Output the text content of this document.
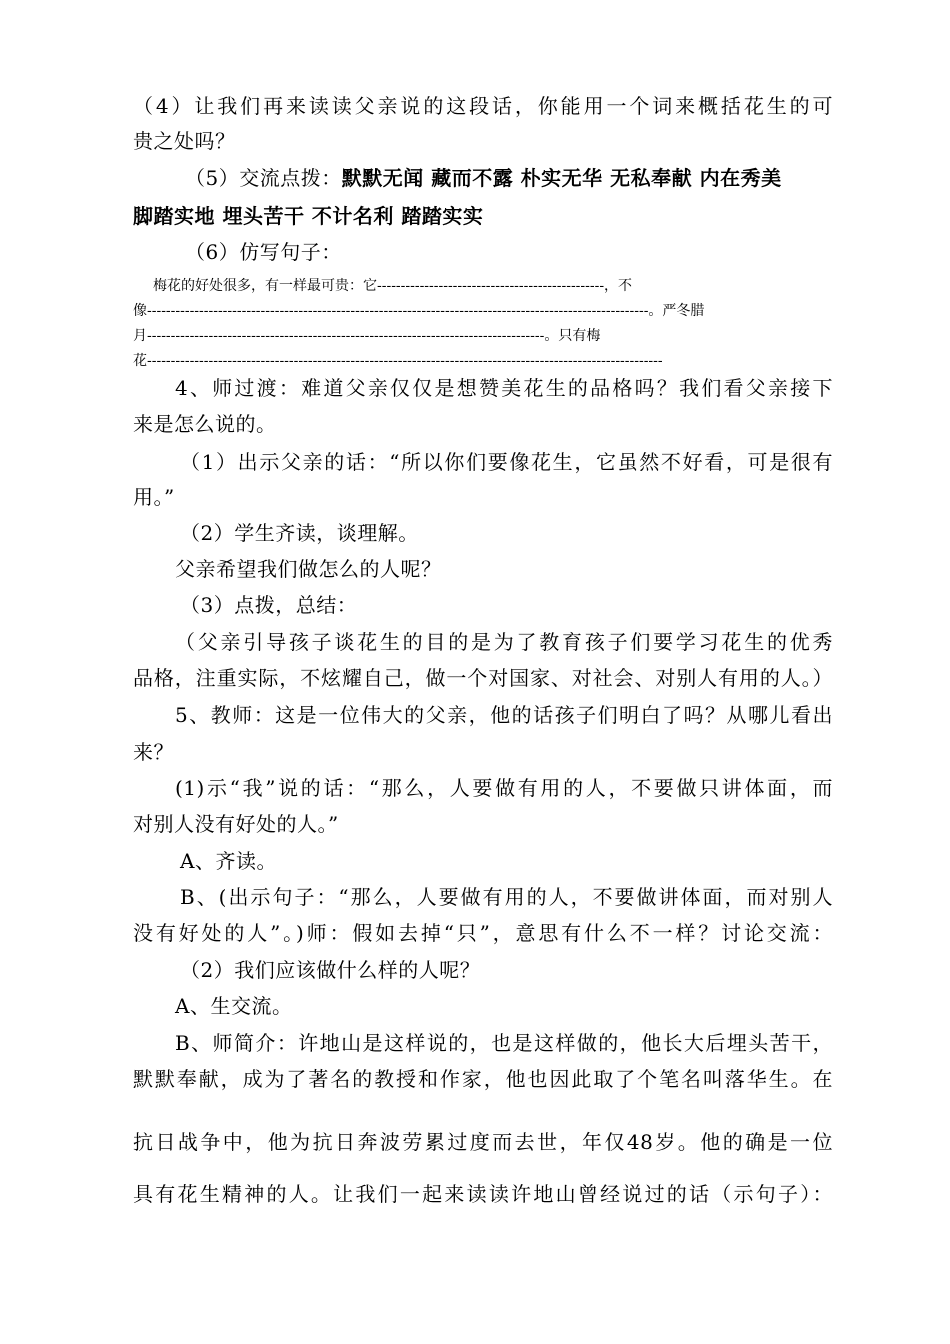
（4）让我们再来读读父亲说的这段话，你能用一个词来概括花生的可
贵之处吗？
（5）交流点拨：默默无闻 藏而不露 朴实无华 无私奉献 内在秀美
脚踏实地 埋头苦干 不计名利 踏踏实实
（6）仿写句子：
梅花的好处很多，有一样最可贵：它------------------------------------------------，不
像----------------------------------------------------------------------------------------------------------。严冬腊
月------------------------------------------------------------------------------------。只有梅
花-------------------------------------------------------------------------------------------------------------
4、师过渡：难道父亲仅仅是想赞美花生的品格吗？我们看父亲接下
来是怎么说的。
（1）出示父亲的话：“所以你们要像花生，它虽然不好看，可是很有
用。”
（2）学生齐读，谈理解。
父亲希望我们做怎么的人呢？
（3）点拨，总结：
（父亲引导孩子谈花生的目的是为了教育孩子们要学习花生的优秀
品格，注重实际，不炫耀自己，做一个对国家、对社会、对别人有用的人。）
5、教师：这是一位伟大的父亲，他的话孩子们明白了吗？从哪儿看出
来？
(1)示“我”说的话：“那么，人要做有用的人，不要做只讲体面，而
对别人没有好处的人。”
A、齐读。
B、(出示句子：“那么，人要做有用的人，不要做讲体面，而对别人
没有好处的人”。)师：假如去掉“只”，意思有什么不一样？讨论交流：
（2）我们应该做什么样的人呢？
A、生交流。
B、师简介：许地山是这样说的，也是这样做的，他长大后埋头苦干，
默默奉献，成为了著名的教授和作家，他也因此取了个笔名叫落华生。在
抗日战争中，他为抗日奔波劳累过度而去世，年仅48岁。他的确是一位
具有花生精神的人。让我们一起来读读许地山曾经说过的话（示句子）：
